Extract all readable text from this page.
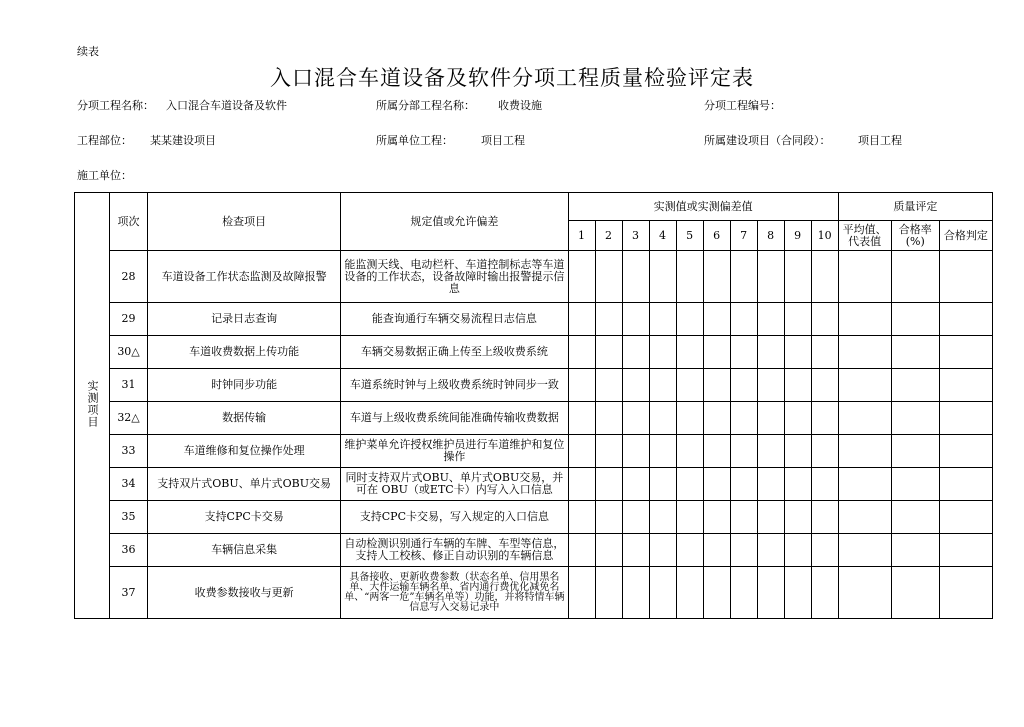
续表
入口混合车道设备及软件分项工程质量检验评定表
分项工程名称： 入口混合车道设备及软件	所属分部工程名称： 收费设施	分项工程编号：
工程部位： 某某建设项目	所属单位工程：	项目工程	所属建设项目（合同段）：	项目工程
施工单位：
实测项目	项次	检查项目	规定值或允许偏差	实测值或实测偏差值										质量评定		
				1	2	3	4	5	6	7	8	9	10	平均值、代表值	合格率(%)	合格判定
	28	车道设备工作状态监测及故障报警	能监测天线、电动栏杆、车道控制标志等车道设备的工作状态，设备故障时输出报警提示信息													
	29	记录日志查询	能查询通行车辆交易流程日志信息													
	30△	车道收费数据上传功能	车辆交易数据正确上传至上级收费系统													
	31	时钟同步功能	车道系统时钟与上级收费系统时钟同步一致													
	32△	数据传输	车道与上级收费系统间能准确传输收费数据													
	33	车道维修和复位操作处理	维护菜单允许授权维护员进行车道维护和复位操作													
	34	支持双片式OBU、单片式OBU交易	同时支持双片式OBU、单片式OBU交易，并可在 OBU（或ETC卡）内写入入口信息													
	35	支持CPC卡交易	支持CPC卡交易，写入规定的入口信息													
	36	车辆信息采集	自动检测识别通行车辆的车牌、车型等信息，支持人工校核、修正自动识别的车辆信息													
	37	收费参数接收与更新	具备接收、更新收费参数（状态名单、信用黑名单、大件运输车辆名单、省内通行费优化减免名单、“两客一危”车辆名单等）功能，并将特情车辆信息写入交易记录中													
